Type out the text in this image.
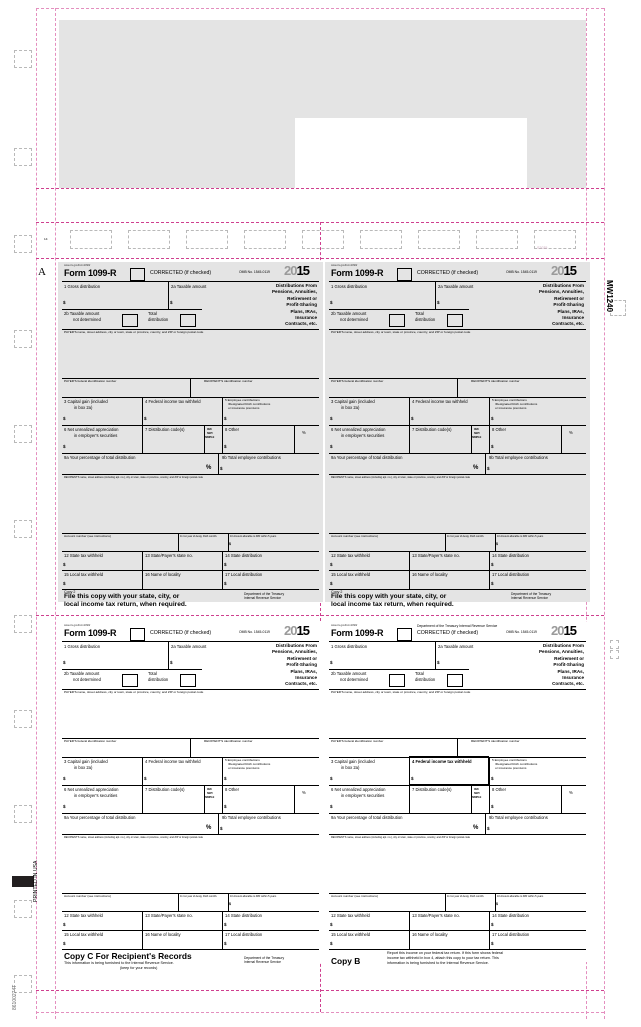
14
S2035
A
MW1240
PRINTED IN USA
86100274T
www.irs.gov/form1099r
Form 1099-R	CORRECTED (if checked)	OMB No. 1545-0119 2015
Distributions From
Pensions, Annuities,
Retirement or
Profit-Sharing
Plans, IRAs,
Insurance
Contracts, etc.
1 Gross distribution
$
2a Taxable amount
$
2b Taxable amount
not determined
Total
distribution
PAYER'S name, street address, city or town, state or province, country, and ZIP or foreign postal code
PAYER'S federal identification number	RECIPIENT'S identification number
3 Capital gain (included
in box 2a)
$
4 Federal income tax withheld
$
5 Employee contributions
/Designated Roth contributions
or insurance premiums
$
6 Net unrealized appreciation
in employer's securities
$
7 Distribution code(s)	IRA/
SEP/
SIMPLE
8 Other
$
%
9a Your percentage of total distribution
%
9b Total employee contributions
$
RECIPIENT'S name, street address (including apt. no.), city or town, state or province, country, and ZIP or foreign postal code
Account number (see instructions)	11 1st year of desig. Roth contrib.	10 Amount allocable to IRR within 5 years
$
12 State tax withheld
$
13 State/Payer's state no.	14 State distribution
$
15 Local tax withheld
$
16 Name of locality	17 Local distribution
$
Copy 2
File this copy with your state, city, or
local income tax return, when required.
Department of the Treasury
Internal Revenue Service
www.irs.gov/form1099r
Form 1099-R	CORRECTED (if checked)	OMB No. 1545-0119 2015
Distributions From
Pensions, Annuities,
Retirement or
Profit-Sharing
Plans, IRAs,
Insurance
Contracts, etc.
1 Gross distribution
$
2a Taxable amount
$
2b Taxable amount
not determined
Total
distribution
PAYER'S name, street address, city or town, state or province, country, and ZIP or foreign postal code
PAYER'S federal identification number	RECIPIENT'S identification number
3 Capital gain (included
in box 2a)
$
4 Federal income tax withheld
$
5 Employee contributions
/Designated Roth contributions
or insurance premiums
$
6 Net unrealized appreciation
in employer's securities
$
7 Distribution code(s)	IRA/
SEP/
SIMPLE
8 Other
$
%
9a Your percentage of total distribution
%
9b Total employee contributions
$
RECIPIENT'S name, street address (including apt. no.), city or town, state or province, country, and ZIP or foreign postal code
Account number (see instructions)	11 1st year of desig. Roth contrib.	10 Amount allocable to IRR within 5 years
$
12 State tax withheld
$
13 State/Payer's state no.	14 State distribution
$
15 Local tax withheld
$
16 Name of locality	17 Local distribution
$
Copy 2
File this copy with your state, city, or
local income tax return, when required.
Department of the Treasury
Internal Revenue Service
www.irs.gov/form1099r
Form 1099-R	CORRECTED (if checked)	OMB No. 1545-0119 2015
Distributions From
Pensions, Annuities,
Retirement or
Profit-Sharing
Plans, IRAs,
Insurance
Contracts, etc.
1 Gross distribution
$
2a Taxable amount
$
2b Taxable amount
not determined
Total
distribution
PAYER'S name, street address, city or town, state or province, country, and ZIP or foreign postal code
PAYER'S federal identification number	RECIPIENT'S identification number
3 Capital gain (included
in box 2a)
$
4 Federal income tax withheld
$
5 Employee contributions
/Designated Roth contributions
or insurance premiums
$
6 Net unrealized appreciation
in employer's securities
$
7 Distribution code(s)	IRA/
SEP/
SIMPLE
8 Other
$
%
9a Your percentage of total distribution
%
9b Total employee contributions
$
RECIPIENT'S name, street address (including apt. no.), city or town, state or province, country, and ZIP or foreign postal code
Account number (see instructions)	11 1st year of desig. Roth contrib.	10 Amount allocable to IRR within 5 years
$
12 State tax withheld
$
13 State/Payer's state no.	14 State distribution
$
15 Local tax withheld
$
16 Name of locality	17 Local distribution
$
Copy C For Recipient's Records
This information is being furnished to the Internal Revenue Service.
(keep for your records)
Department of the Treasury
Internal Revenue Service
www.irs.gov/form1099r
Form 1099-R
Department of the Treasury Internal Revenue Service
CORRECTED (if checked)	OMB No. 1545-0119 2015
Distributions From
Pensions, Annuities,
Retirement or
Profit-Sharing
Plans, IRAs,
Insurance
Contracts, etc.
1 Gross distribution
$
2a Taxable amount
$
2b Taxable amount
not determined
Total
distribution
PAYER'S name, street address, city or town, state or province, country, and ZIP or foreign postal code
PAYER'S federal identification number	RECIPIENT'S identification number
3 Capital gain (included
in box 2a)
$
4 Federal income tax withheld
$
5 Employee contributions
/Designated Roth contributions
or insurance premiums
$
6 Net unrealized appreciation
in employer's securities
$
7 Distribution code(s)	IRA/
SEP/
SIMPLE
8 Other
$
%
9a Your percentage of total distribution
%
9b Total employee contributions
$
RECIPIENT'S name, street address (including apt. no.), city or town, state or province, country, and ZIP or foreign postal code
Account number (see instructions)	11 1st year of desig. Roth contrib.	10 Amount allocable to IRR within 5 years
$
12 State tax withheld
$
13 State/Payer's state no.	14 State distribution
$
15 Local tax withheld
$
16 Name of locality	17 Local distribution
$
Copy B
Report this income on your federal tax return. If this form shows federal
income tax withheld in box 4, attach this copy to your tax return. This
information is being furnished to the Internal Revenue Service.
